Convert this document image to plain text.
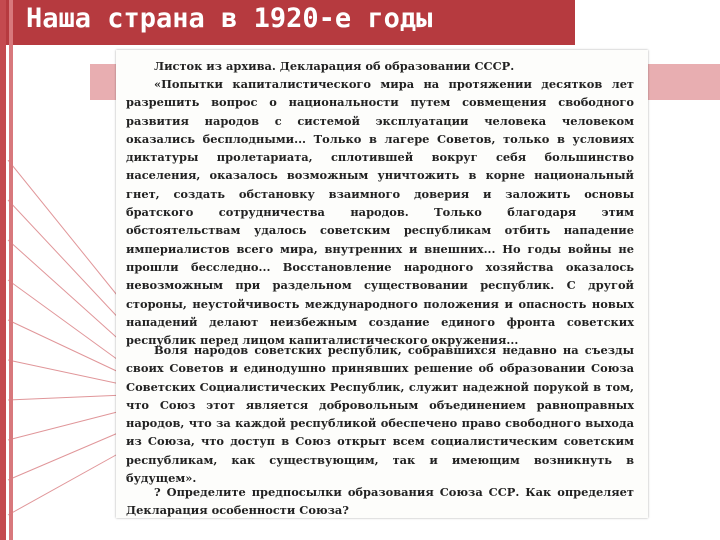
Наша страна в 1920-е годы

Листок из архива. Декларация об образовании СССР.

«Попытки капиталистического мира на протяжении десятков лет разрешить вопрос о национальности путем совмещения свободного развития народов с системой эксплуатации человека человеком оказались бесплодными... Только в лагере Советов, только в условиях диктатуры пролетариата, сплотившей вокруг себя большинство населения, оказалось возможным уничтожить в корне национальный гнет, создать обстановку взаимного доверия и заложить основы братского сотрудничества народов. Только благодаря этим обстоятельствам удалось советским республикам отбить нападение империалистов всего мира, внутренних и внешних... Но годы войны не прошли бесследно... Восстановление народного хозяйства оказалось невозможным при раздельном существовании республик. С другой стороны, неустойчивость международного положения и опасность новых нападений делают неизбежным создание единого фронта советских республик перед лицом капиталистического окружения...

Воля народов советских республик, собравшихся недавно на съезды своих Советов и единодушно принявших решение об образовании Союза Советских Социалистических Республик, служит надежной порукой в том, что Союз этот является добровольным объединением равноправных народов, что за каждой республикой обеспечено право свободного выхода из Союза, что доступ в Союз открыт всем социалистическим советским республикам, как существующим, так и имеющим возникнуть в будущем».

? Определите предпосылки образования Союза ССР. Как определяет Декларация особенности Союза?
